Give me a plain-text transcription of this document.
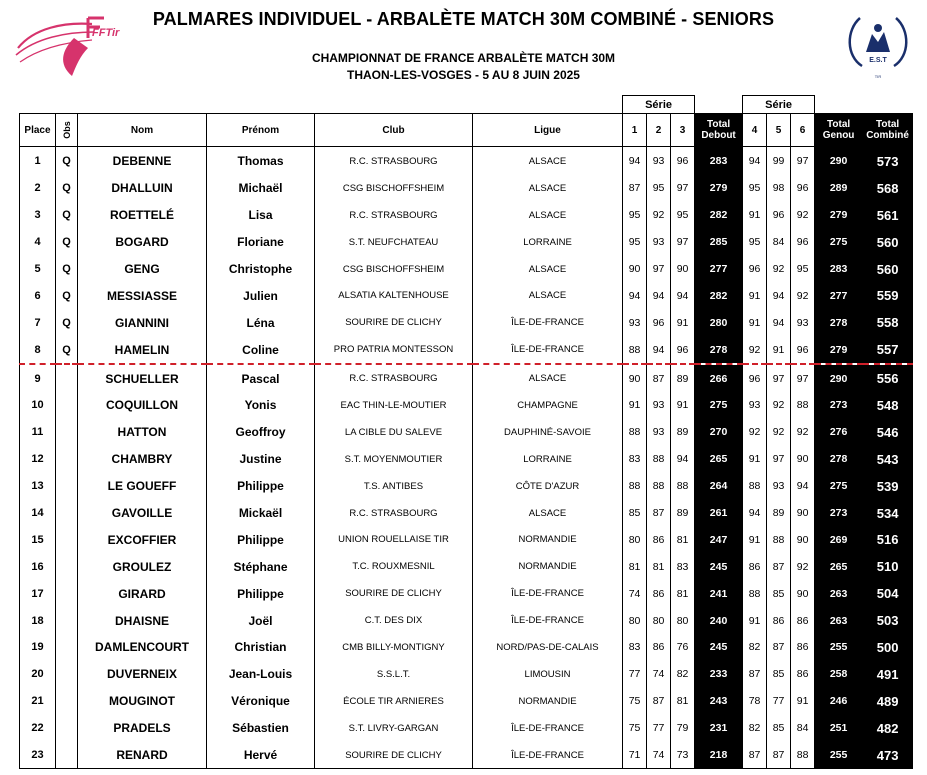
FFTir
E.S.T
TIR
PALMARES INDIVIDUEL - ARBALÈTE MATCH 30M COMBINÉ - SENIORS
CHAMPIONNAT DE FRANCE ARBALÈTE MATCH 30M
THAON-LES-VOSGES - 5 AU 8 JUIN 2025
						Série				Série				
Place	Obs	Nom	Prénom	Club	Ligue	1	2	3	Total
Debout	4	5	6	Total
Genou	Total
Combiné
1	Q	DEBENNE	Thomas	R.C. STRASBOURG	ALSACE	94	93	96	283	94	99	97	290	573
2	Q	DHALLUIN	Michaël	CSG BISCHOFFSHEIM	ALSACE	87	95	97	279	95	98	96	289	568
3	Q	ROETTELÉ	Lisa	R.C. STRASBOURG	ALSACE	95	92	95	282	91	96	92	279	561
4	Q	BOGARD	Floriane	S.T. NEUFCHATEAU	LORRAINE	95	93	97	285	95	84	96	275	560
5	Q	GENG	Christophe	CSG BISCHOFFSHEIM	ALSACE	90	97	90	277	96	92	95	283	560
6	Q	MESSIASSE	Julien	ALSATIA KALTENHOUSE	ALSACE	94	94	94	282	91	94	92	277	559
7	Q	GIANNINI	Léna	SOURIRE DE CLICHY	ÎLE-DE-FRANCE	93	96	91	280	91	94	93	278	558
8	Q	HAMELIN	Coline	PRO PATRIA MONTESSON	ÎLE-DE-FRANCE	88	94	96	278	92	91	96	279	557
9		SCHUELLER	Pascal	R.C. STRASBOURG	ALSACE	90	87	89	266	96	97	97	290	556
10		COQUILLON	Yonis	EAC THIN-LE-MOUTIER	CHAMPAGNE	91	93	91	275	93	92	88	273	548
11		HATTON	Geoffroy	LA CIBLE DU SALEVE	DAUPHINÉ-SAVOIE	88	93	89	270	92	92	92	276	546
12		CHAMBRY	Justine	S.T. MOYENMOUTIER	LORRAINE	83	88	94	265	91	97	90	278	543
13		LE GOUEFF	Philippe	T.S. ANTIBES	CÔTE D'AZUR	88	88	88	264	88	93	94	275	539
14		GAVOILLE	Mickaël	R.C. STRASBOURG	ALSACE	85	87	89	261	94	89	90	273	534
15		EXCOFFIER	Philippe	UNION ROUELLAISE TIR	NORMANDIE	80	86	81	247	91	88	90	269	516
16		GROULEZ	Stéphane	T.C. ROUXMESNIL	NORMANDIE	81	81	83	245	86	87	92	265	510
17		GIRARD	Philippe	SOURIRE DE CLICHY	ÎLE-DE-FRANCE	74	86	81	241	88	85	90	263	504
18		DHAISNE	Joël	C.T. DES DIX	ÎLE-DE-FRANCE	80	80	80	240	91	86	86	263	503
19		DAMLENCOURT	Christian	CMB BILLY-MONTIGNY	NORD/PAS-DE-CALAIS	83	86	76	245	82	87	86	255	500
20		DUVERNEIX	Jean-Louis	S.S.L.T.	LIMOUSIN	77	74	82	233	87	85	86	258	491
21		MOUGINOT	Véronique	ÉCOLE TIR ARNIERES	NORMANDIE	75	87	81	243	78	77	91	246	489
22		PRADELS	Sébastien	S.T. LIVRY-GARGAN	ÎLE-DE-FRANCE	75	77	79	231	82	85	84	251	482
23		RENARD	Hervé	SOURIRE DE CLICHY	ÎLE-DE-FRANCE	71	74	73	218	87	87	88	255	473
